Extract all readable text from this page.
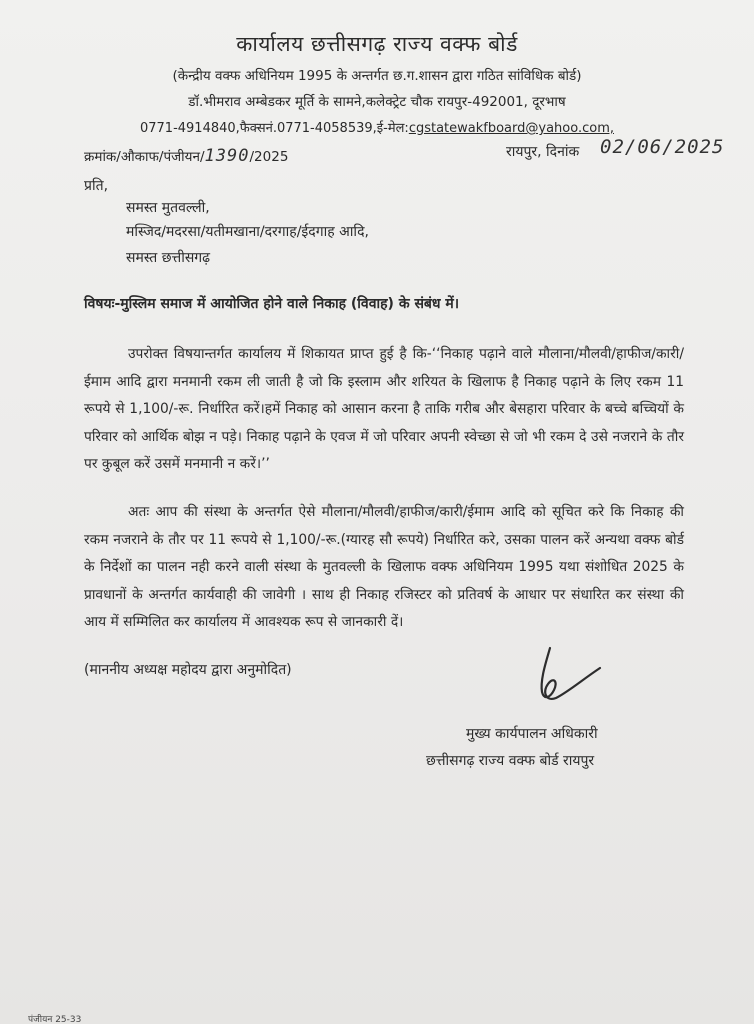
कार्यालय छत्तीसगढ़ राज्य वक्फ बोर्ड
(केन्द्रीय वक्फ अधिनियम 1995 के अन्तर्गत छ.ग.शासन द्वारा गठित सांविधिक बोर्ड)
डॉ.भीमराव अम्बेडकर मूर्ति के सामने,कलेक्ट्रेट चौक रायपुर-492001, दूरभाष
0771-4914840,फैक्सनं.0771-4058539,ई-मेल:cgstatewakfboard@yahoo.com,
क्रमांक/औकाफ/पंजीयन/1390/2025	रायपुर, दिनांक 02/06/2025
प्रति,
समस्त मुतवल्ली,
मस्जिद/मदरसा/यतीमखाना/दरगाह/ईदगाह आदि,
समस्त छत्तीसगढ़
विषयः-मुस्लिम समाज में आयोजित होने वाले निकाह (विवाह) के संबंध में।
उपरोक्त विषयान्तर्गत कार्यालय में शिकायत प्राप्त हुई है कि-‘‘निकाह पढ़ाने वाले मौलाना/मौलवी/हाफीज/कारी/ईमाम आदि द्वारा मनमानी रकम ली जाती है जो कि इस्लाम और शरियत के खिलाफ है निकाह पढ़ाने के लिए रकम 11 रूपये से 1,100/-रू. निर्धारित करें।हमें निकाह को आसान करना है ताकि गरीब और बेसहारा परिवार के बच्चे बच्चियों के परिवार को आर्थिक बोझ न पड़े। निकाह पढ़ाने के एवज में जो परिवार अपनी स्वेच्छा से जो भी रकम दे उसे नजराने के तौर पर कुबूल करें उसमें मनमानी न करें।’’
अतः आप की संस्था के अन्तर्गत ऐसे मौलाना/मौलवी/हाफीज/कारी/ईमाम आदि को सूचित करे कि निकाह की रकम नजराने के तौर पर 11 रूपये से 1,100/-रू.(ग्यारह सौ रूपये) निर्धारित करे, उसका पालन करें अन्यथा वक्फ बोर्ड के निर्देशों का पालन नही करने वाली संस्था के मुतवल्ली के खिलाफ वक्फ अधिनियम 1995 यथा संशोधित 2025 के प्रावधानों के अन्तर्गत कार्यवाही की जावेगी । साथ ही निकाह रजिस्टर को प्रतिवर्ष के आधार पर संधारित कर संस्था की आय में सम्मिलित कर कार्यालय में आवश्यक रूप से जानकारी दें।
(माननीय अध्यक्ष महोदय द्वारा अनुमोदित)
मुख्य कार्यपालन अधिकारी
छत्तीसगढ़ राज्य वक्फ बोर्ड रायपुर
पंजीयन 25-33
